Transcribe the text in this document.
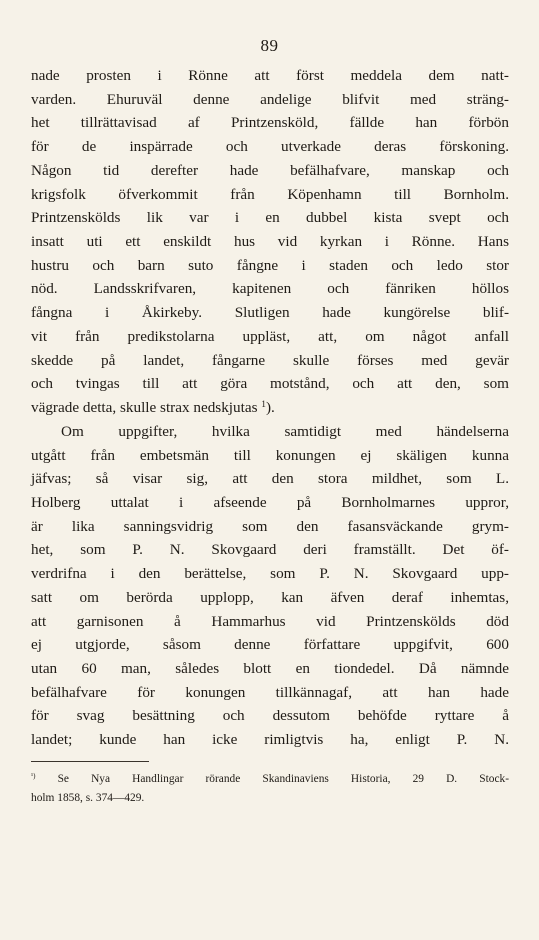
89
nade prosten i Rönne att först meddela dem natt-
varden. Ehuruväl denne andelige blifvit med sträng-
het tillrättavisad af Printzensköld, fällde han förbön
för de inspärrade och utverkade deras förskoning.
Någon tid derefter hade befälhafvare, manskap och
krigsfolk öfverkommit från Köpenhamn till Bornholm.
Printzenskölds lik var i en dubbel kista svept och
insatt uti ett enskildt hus vid kyrkan i Rönne. Hans
hustru och barn suto fångne i staden och ledo stor
nöd. Landsskrifvaren, kapitenen och fänriken höllos
fångna i Åkirkeby. Slutligen hade kungörelse blif-
vit från predikstolarna uppläst, att, om något anfall
skedde på landet, fångarne skulle förses med gevär
och tvingas till att göra motstånd, och att den, som
vägrade detta, skulle strax nedskjutas $^1$).
Om uppgifter, hvilka samtidigt med händelserna
utgått från embetsmän till konungen ej skäligen kunna
jäfvas; så visar sig, att den stora mildhet, som L.
Holberg uttalat i afseende på Bornholmarnes uppror,
är lika sanningsvidrig som den fasansväckande grym-
het, som P. N. Skovgaard deri framställt. Det öf-
verdrifna i den berättelse, som P. N. Skovgaard upp-
satt om berörda upplopp, kan äfven deraf inhemtas,
att garnisonen å Hammarhus vid Printzenskölds död
ej utgjorde, såsom denne författare uppgifvit, 600
utan 60 man, således blott en tiondedel. Då nämnde
befälhafvare för konungen tillkännagaf, att han hade
för svag besättning och dessutom behöfde ryttare å
landet; kunde han icke rimligtvis ha, enligt P. N.
$^{^1)}$ Se Nya Handlingar rörande Skandinaviens Historia, 29 D. Stock-
holm 1858, s. 374—429.
